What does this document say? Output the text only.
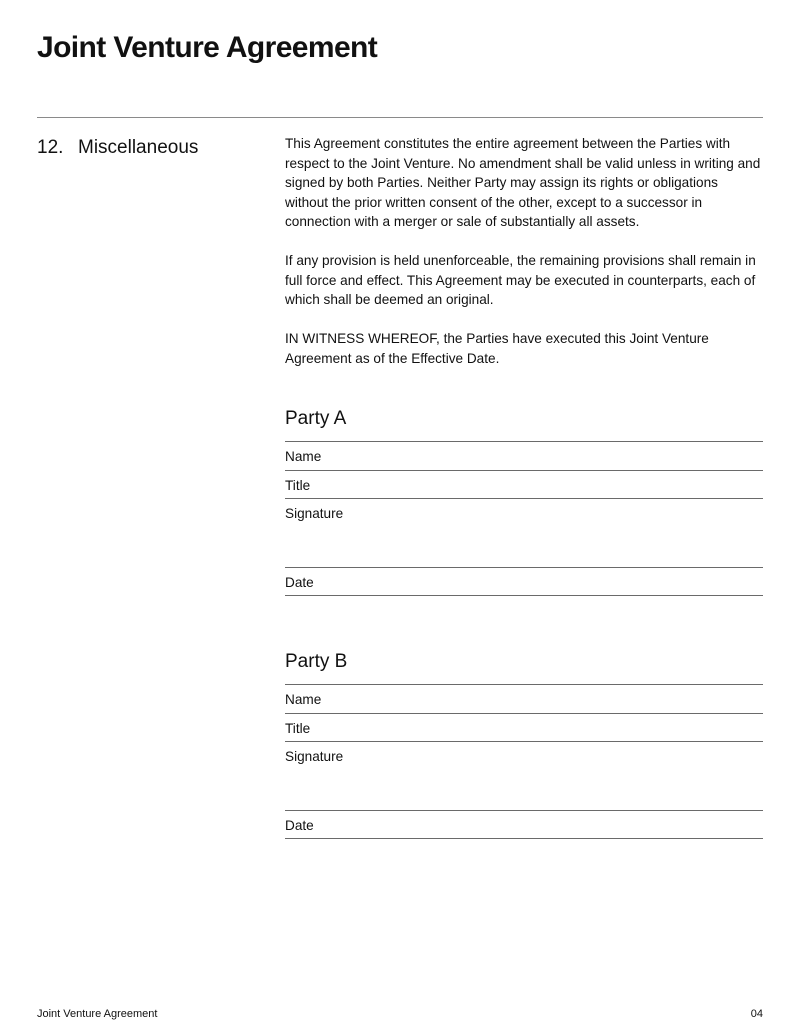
Joint Venture Agreement
12. Miscellaneous	This Agreement constitutes the entire agreement between the Parties with respect to the Joint Venture. No amendment shall be valid unless in writing and signed by both Parties. Neither Party may assign its rights or obligations without the prior written consent of the other, except to a successor in connection with a merger or sale of substantially all assets.

If any provision is held unenforceable, the remaining provisions shall remain in full force and effect. This Agreement may be executed in counterparts, each of which shall be deemed an original.

IN WITNESS WHEREOF, the Parties have executed this Joint Venture Agreement as of the Effective Date.

Party A
Name
Title
Signature
Date
Party B
Name
Title
Signature
Date
Joint Venture Agreement	04
